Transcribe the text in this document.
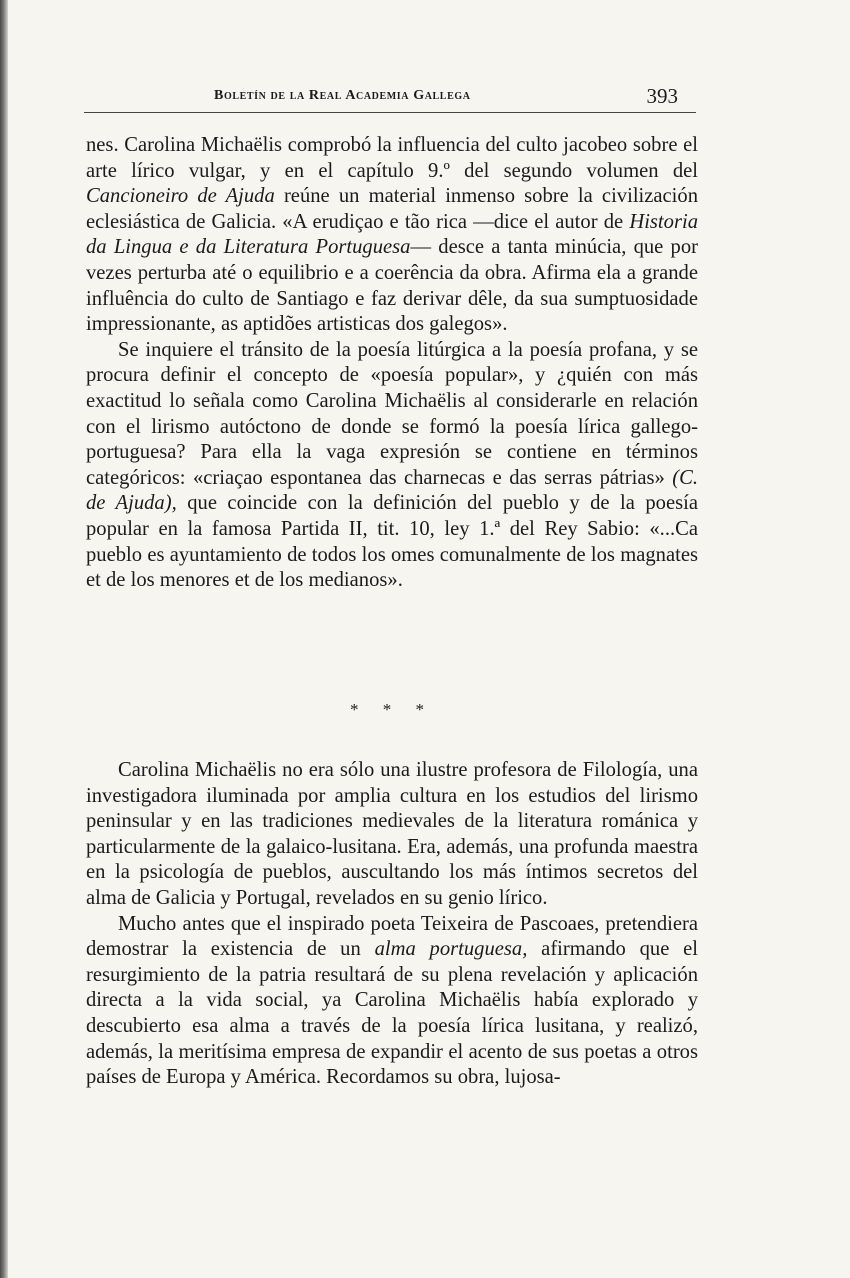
Boletín de la Real Academia Gallega	393

nes. Carolina Michaëlis comprobó la influencia del culto jacobeo sobre el arte lírico vulgar, y en el capítulo 9.º del segundo volumen del Cancioneiro de Ajuda reúne un material inmenso sobre la civilización eclesiástica de Galicia. «A erudiçao e tão rica —dice el autor de Historia da Lingua e da Literatura Portuguesa— desce a tanta minúcia, que por vezes perturba até o equilibrio e a coerência da obra. Afirma ela a grande influência do culto de Santiago e faz derivar dêle, da sua sumptuosidade impressionante, as aptidões artisticas dos galegos».

Se inquiere el tránsito de la poesía litúrgica a la poesía profana, y se procura definir el concepto de «poesía popular», y ¿quién con más exactitud lo señala como Carolina Michaëlis al considerarle en relación con el lirismo autóctono de donde se formó la poesía lírica gallego-portuguesa? Para ella la vaga expresión se contiene en términos categóricos: «criaçao espontanea das charnecas e das serras pátrias» (C. de Ajuda), que coincide con la definición del pueblo y de la poesía popular en la famosa Partida II, tit. 10, ley 1.ª del Rey Sabio: «...Ca pueblo es ayuntamiento de todos los omes comunalmente de los magnates et de los menores et de los medianos».

* * *

Carolina Michaëlis no era sólo una ilustre profesora de Filología, una investigadora iluminada por amplia cultura en los estudios del lirismo peninsular y en las tradiciones medievales de la literatura románica y particularmente de la galaico-lusitana. Era, además, una profunda maestra en la psicología de pueblos, auscultando los más íntimos secretos del alma de Galicia y Portugal, revelados en su genio lírico.

Mucho antes que el inspirado poeta Teixeira de Pascoaes, pretendiera demostrar la existencia de un alma portuguesa, afirmando que el resurgimiento de la patria resultará de su plena revelación y aplicación directa a la vida social, ya Carolina Michaëlis había explorado y descubierto esa alma a través de la poesía lírica lusitana, y realizó, además, la meritísima empresa de expandir el acento de sus poetas a otros países de Europa y América. Recordamos su obra, lujosa-
